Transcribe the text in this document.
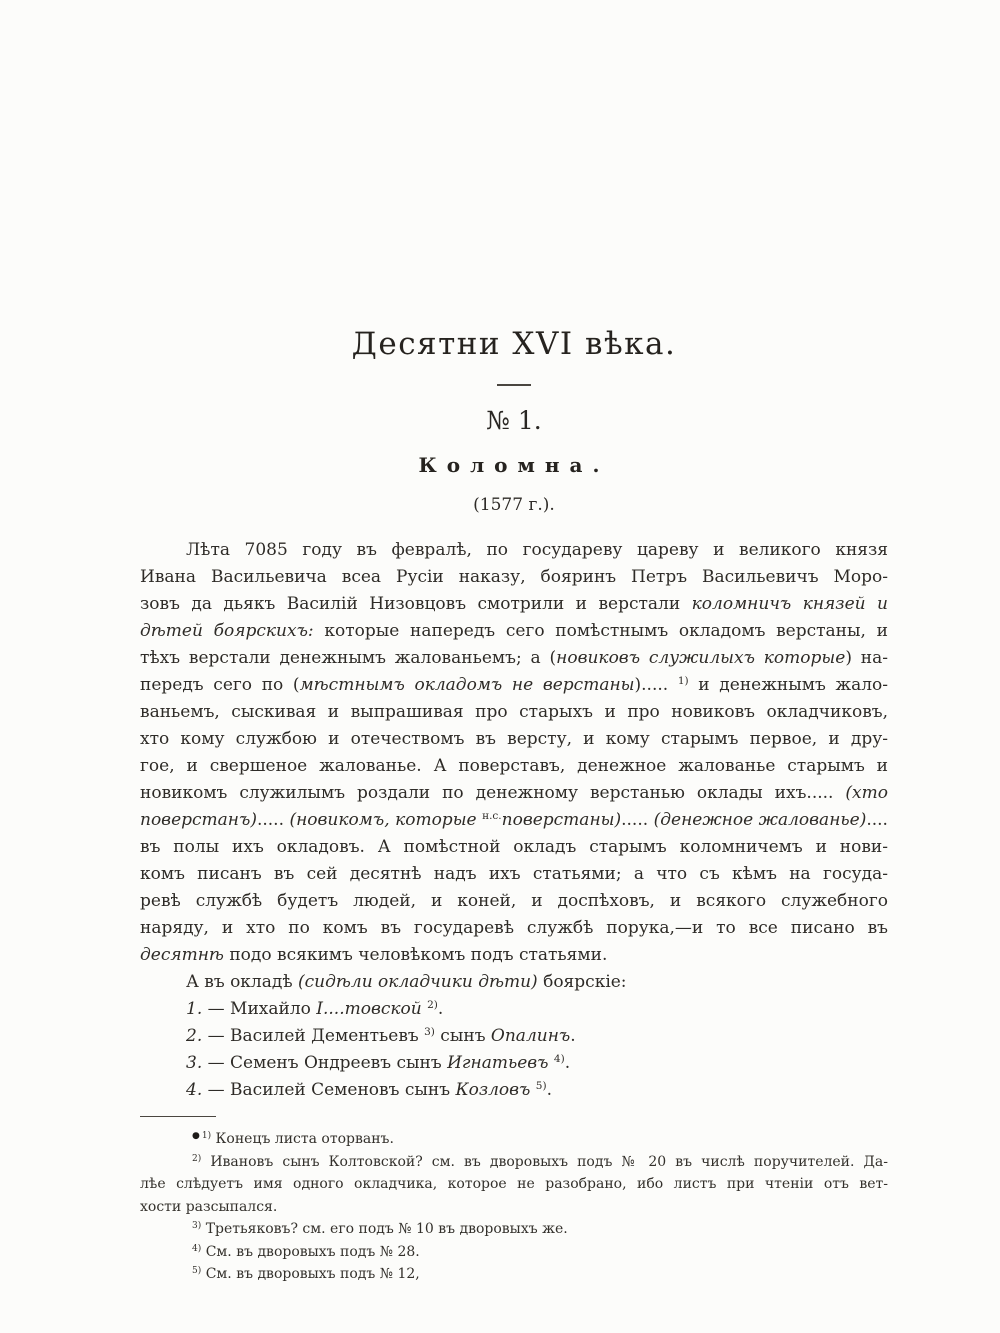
Десятни XVI вѣка.
№ 1.
Коломна.
(1577 г.).
Лѣта 7085 году въ февралѣ, по государеву цареву и великого князя
Ивана Васильевича всеа Русіи наказу, бояринъ Петръ Васильевичъ Моро-
зовъ да дьякъ Василій Низовцовъ смотрили и верстали коломничъ князей и
дѣтей боярскихъ: которые напередъ сего помѣстнымъ окладомъ верстаны, и
тѣхъ верстали денежнымъ жалованьемъ; а (новиковъ служилыхъ которые) на-
передъ сего по (мѣстнымъ окладомъ не верстаны)..... $^{1)}$ и денежнымъ жало-
ваньемъ, сыскивая и выпрашивая про старыхъ и про новиковъ окладчиковъ,
хто кому службою и отечествомъ въ версту, и кому старымъ первое, и дру-
гое, и свершеное жалованье. А поверставъ, денежное жалованье старымъ и
новикомъ служилымъ роздали по денежному верстанью оклады ихъ..... (хто
поверстанъ)..... (новикомъ, которые $^{н.с.}$поверстаны)..... (денежное жалованье)....
въ полы ихъ окладовъ. А помѣстной окладъ старымъ коломничемъ и нови-
комъ писанъ въ сей десятнѣ надъ ихъ статьями; а что съ кѣмъ на госуда-
ревѣ службѣ будетъ людей, и коней, и доспѣховъ, и всякого служебного
наряду, и хто по комъ въ государевѣ службѣ порука,—и то все писано въ
десятнѣ подо всякимъ человѣкомъ подъ статьями.
А въ окладѣ (сидѣли окладчики дѣти) боярскіе:
1. — Михайло І....товской $^{2)}$.
2. — Василей Дементьевъ $^{3)}$ сынъ Опалинъ.
3. — Семенъ Ондреевъ сынъ Игнатьевъ $^{4)}$.
4. — Василей Семеновъ сынъ Козловъ $^{5)}$.
● $^{1)}$ Конецъ листа оторванъ.
$^{2)}$ Ивановъ сынъ Колтовской? см. въ дворовыхъ подъ № 20 въ числѣ поручителей. Да-
лѣе слѣдуетъ имя одного окладчика, которое не разобрано, ибо листъ при чтеніи отъ вет-
хости разсыпался.
$^{3)}$ Третьяковъ? см. его подъ № 10 въ дворовыхъ же.
$^{4)}$ См. въ дворовыхъ подъ № 28.
$^{5)}$ См. въ дворовыхъ подъ № 12,
